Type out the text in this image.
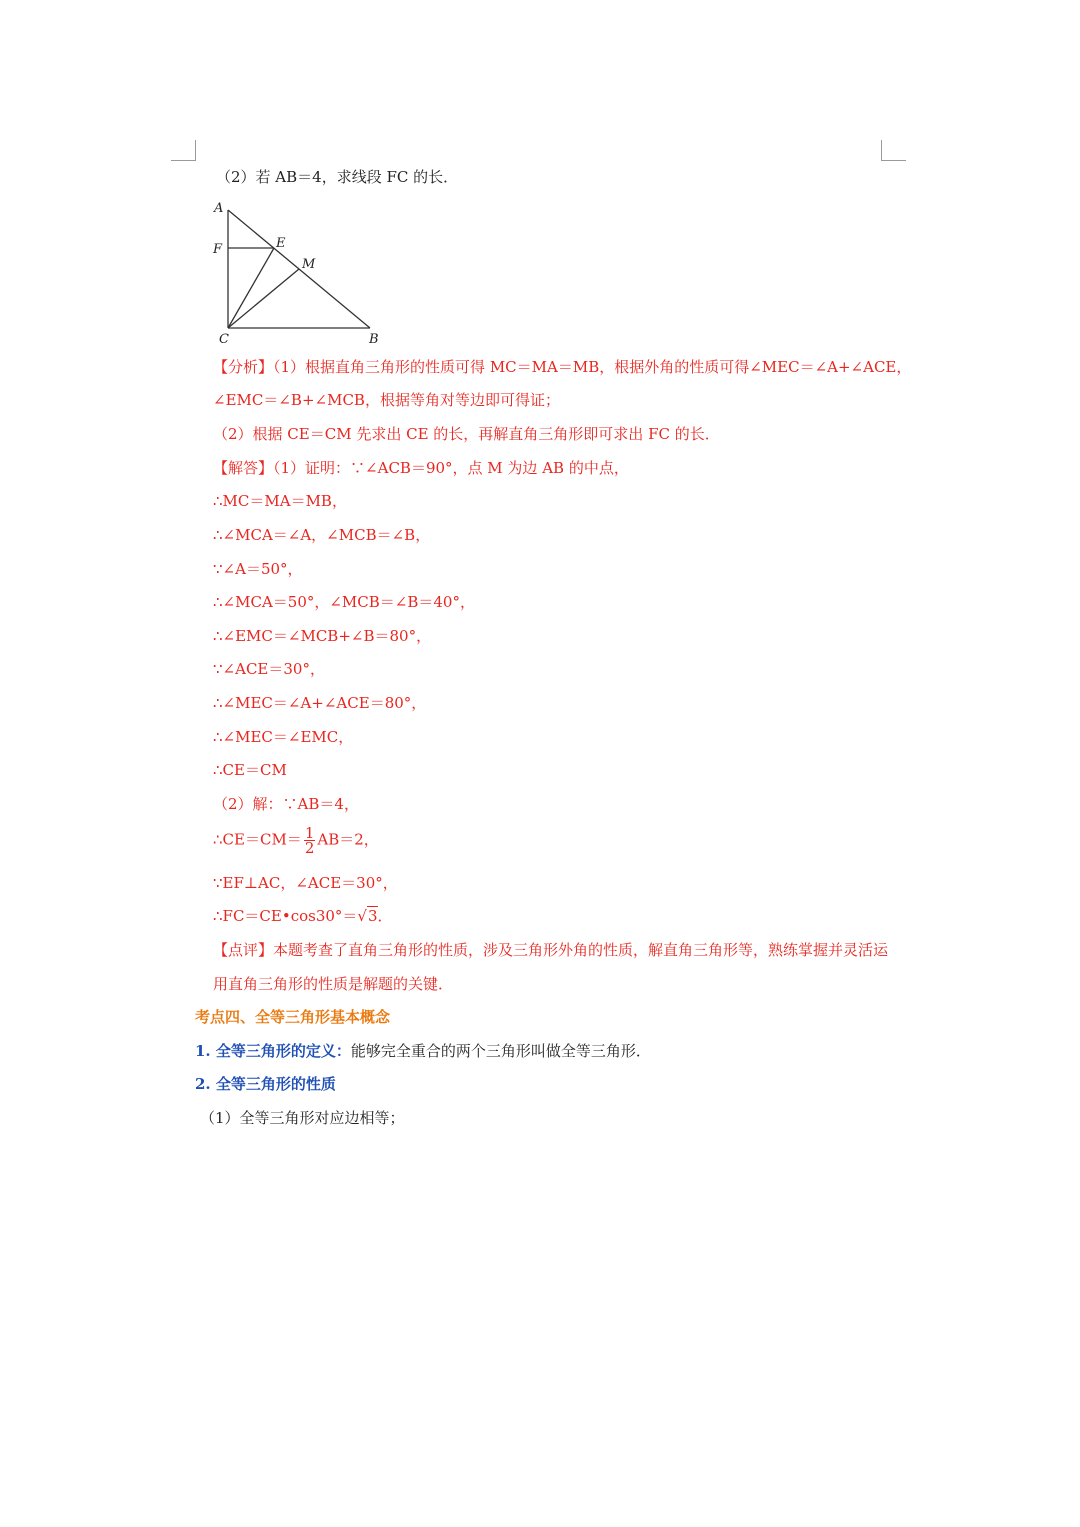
（2）若 AB＝4，求线段 FC 的长．
A
F	E
M
C	B
【分析】（1）根据直角三角形的性质可得 MC＝MA＝MB，根据外角的性质可得∠MEC＝∠A+∠ACE，
∠EMC＝∠B+∠MCB，根据等角对等边即可得证；
（2）根据 CE＝CM 先求出 CE 的长，再解直角三角形即可求出 FC 的长．
【解答】（1）证明：∵∠ACB＝90°，点 M 为边 AB 的中点，
∴MC＝MA＝MB，
∴∠MCA＝∠A，∠MCB＝∠B，
∵∠A＝50°，
∴∠MCA＝50°，∠MCB＝∠B＝40°，
∴∠EMC＝∠MCB+∠B＝80°，
∵∠ACE＝30°，
∴∠MEC＝∠A+∠ACE＝80°，
∴∠MEC＝∠EMC，
∴CE＝CM
（2）解：∵AB＝4，
∴CE＝CM＝ $\frac{1}{2} AB=2$，
∵EF⊥AC，∠ACE＝30°，
∴FC＝CE•cos30°＝√3．
【点评】本题考查了直角三角形的性质，涉及三角形外角的性质，解直角三角形等，熟练掌握并灵活运
用直角三角形的性质是解题的关键．
考点四、全等三角形基本概念
1. 全等三角形的定义：能够完全重合的两个三角形叫做全等三角形．
2. 全等三角形的性质
（1）全等三角形对应边相等；
